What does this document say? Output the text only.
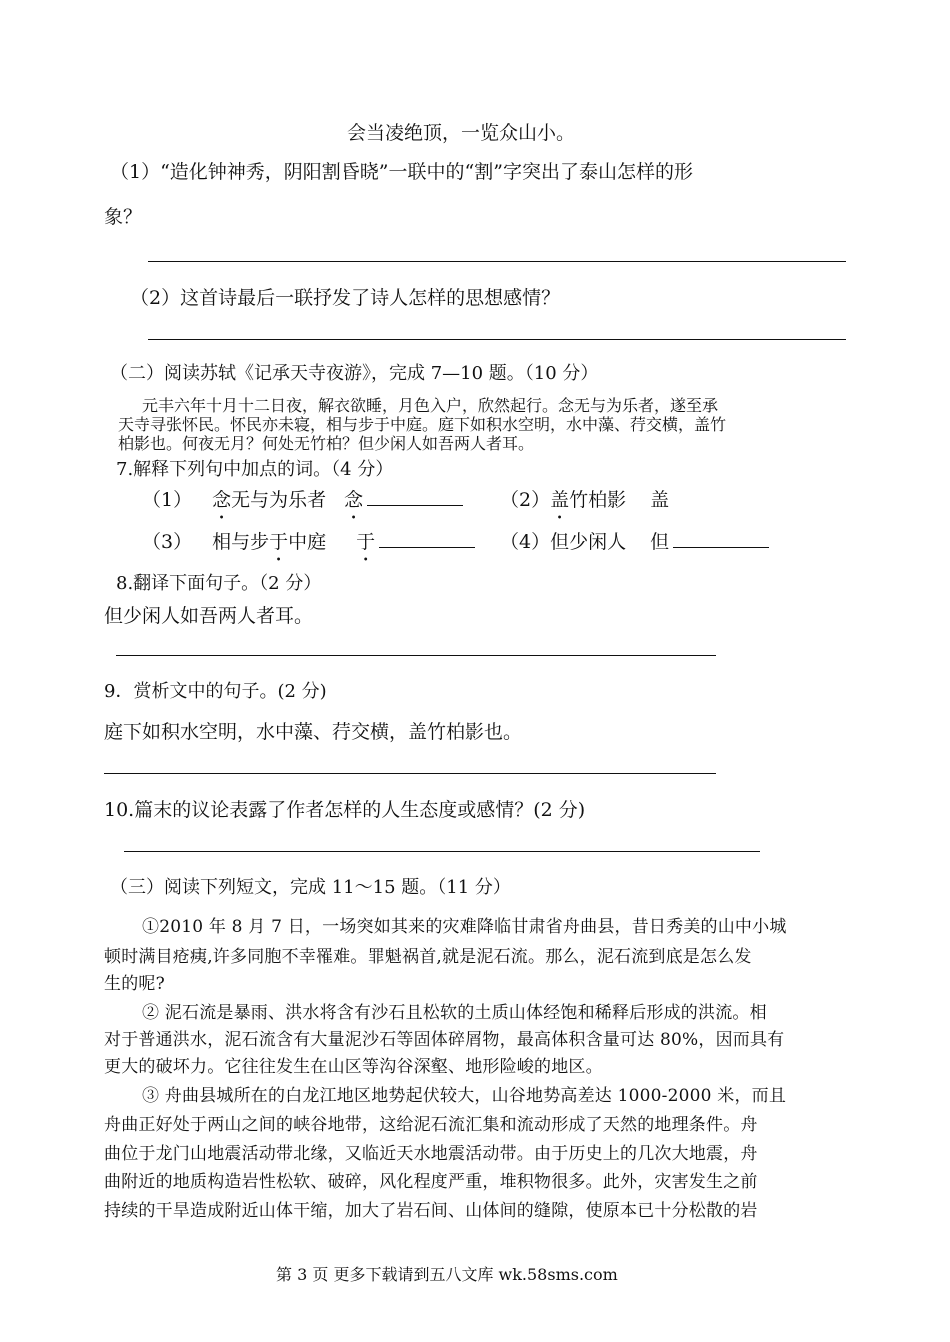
会当凌绝顶，一览众山小。
（1）“造化钟神秀，阴阳割昏晓”一联中的“割”字突出了泰山怎样的形
象？
（2）这首诗最后一联抒发了诗人怎样的思想感情？
（二）阅读苏轼《记承天寺夜游》，完成 7—10 题。（10 分）
元丰六年十月十二日夜，解衣欲睡，月色入户，欣然起行。念无与为乐者，遂至承
天寺寻张怀民。怀民亦未寝，相与步于中庭。庭下如积水空明，水中藻、荇交横，盖竹
柏影也。何夜无月？何处无竹柏？但少闲人如吾两人者耳。
7.解释下列句中加点的词。（4 分）
（1） 念无与为乐者 念	（2）盖竹柏影 盖
（3） 相与步于中庭 于	（4）但少闲人 但
8.翻译下面句子。（2 分）
但少闲人如吾两人者耳。
9．赏析文中的句子。(2 分)
庭下如积水空明，水中藻、荇交横，盖竹柏影也。
10.篇末的议论表露了作者怎样的人生态度或感情？(2 分)
（三）阅读下列短文，完成 11～15 题。（11 分）
①2010 年 8 月 7 日，一场突如其来的灾难降临甘肃省舟曲县，昔日秀美的山中小城
顿时满目疮痍,许多同胞不幸罹难。罪魁祸首,就是泥石流。那么，泥石流到底是怎么发
生的呢?
② 泥石流是暴雨、洪水将含有沙石且松软的土质山体经饱和稀释后形成的洪流。相
对于普通洪水，泥石流含有大量泥沙石等固体碎屑物，最高体积含量可达 80%，因而具有
更大的破坏力。它往往发生在山区等沟谷深壑、地形险峻的地区。
③ 舟曲县城所在的白龙江地区地势起伏较大，山谷地势高差达 1000-2000 米，而且
舟曲正好处于两山之间的峡谷地带，这给泥石流汇集和流动形成了天然的地理条件。舟
曲位于龙门山地震活动带北缘，又临近天水地震活动带。由于历史上的几次大地震，舟
曲附近的地质构造岩性松软、破碎，风化程度严重，堆积物很多。此外，灾害发生之前
持续的干旱造成附近山体干缩，加大了岩石间、山体间的缝隙，使原本已十分松散的岩
第 3 页 更多下载请到五八文库 wk.58sms.com
